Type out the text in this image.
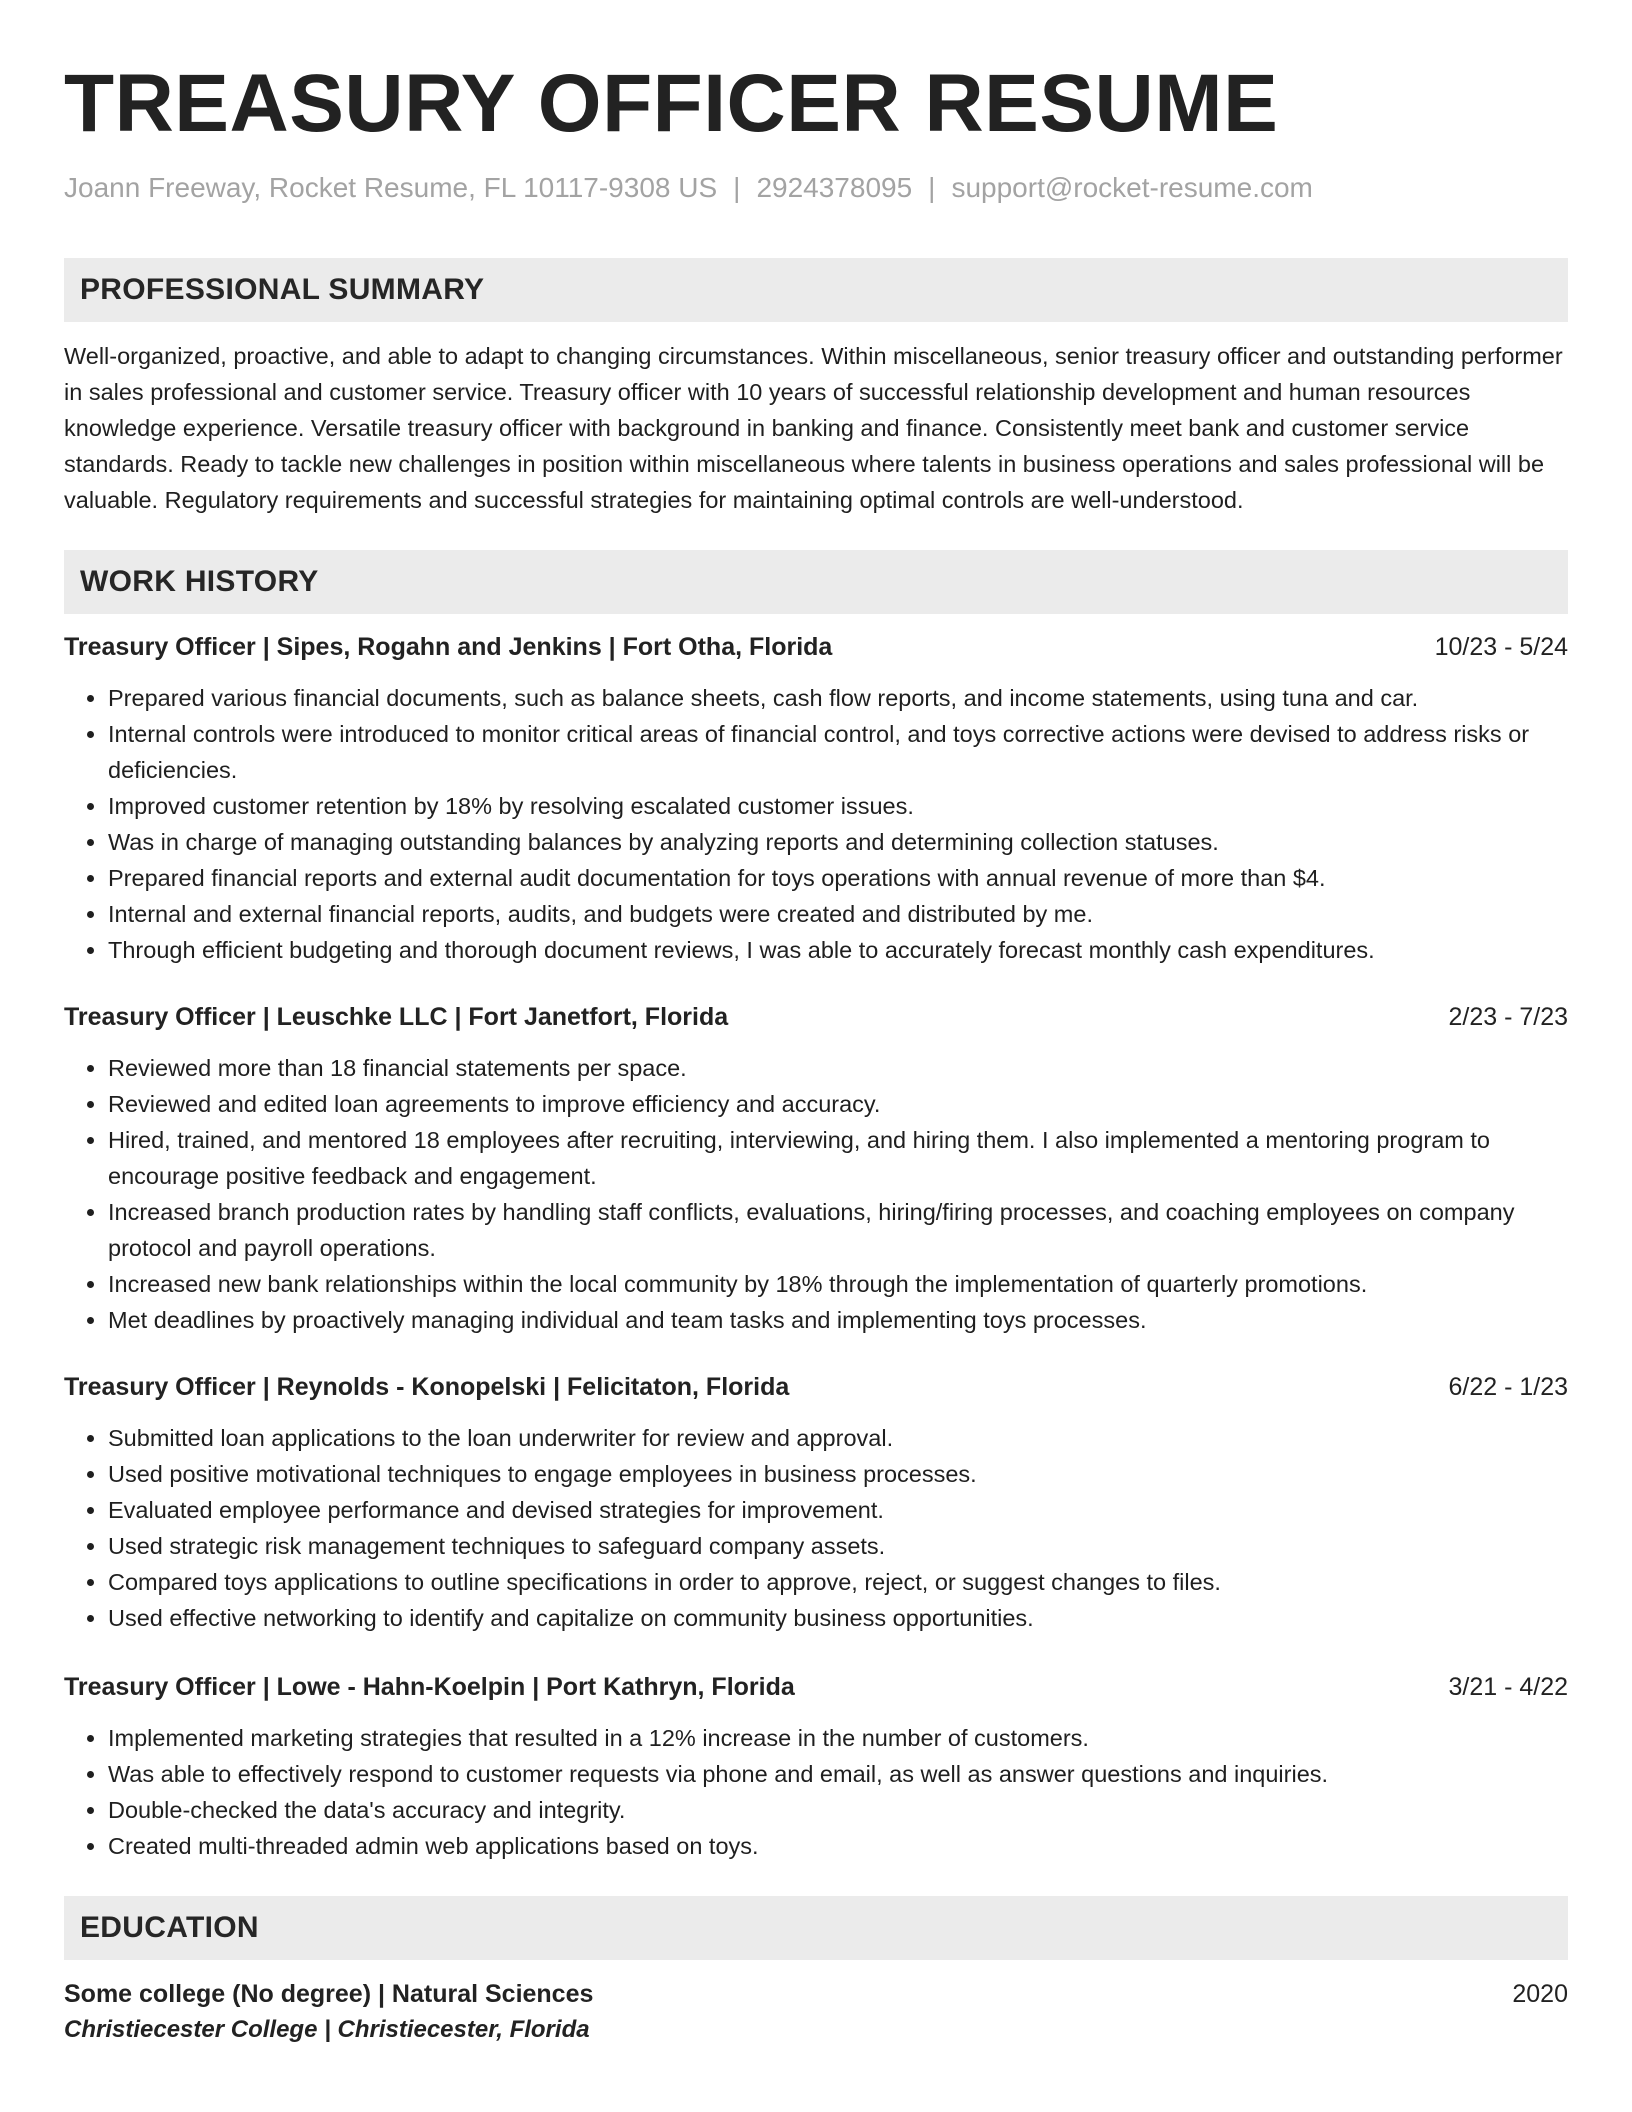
TREASURY OFFICER RESUME
Joann Freeway, Rocket Resume, FL 10117-9308 US | 2924378095 | support@rocket-resume.com
PROFESSIONAL SUMMARY

Well-organized, proactive, and able to adapt to changing circumstances. Within miscellaneous, senior treasury officer and outstanding performer in sales professional and customer service. Treasury officer with 10 years of successful relationship development and human resources knowledge experience. Versatile treasury officer with background in banking and finance. Consistently meet bank and customer service standards. Ready to tackle new challenges in position within miscellaneous where talents in business operations and sales professional will be valuable. Regulatory requirements and successful strategies for maintaining optimal controls are well-understood.

WORK HISTORY
Treasury Officer | Sipes, Rogahn and Jenkins | Fort Otha, Florida	10/23 - 5/24
• Prepared various financial documents, such as balance sheets, cash flow reports, and income statements, using tuna and car.
• Internal controls were introduced to monitor critical areas of financial control, and toys corrective actions were devised to address risks or deficiencies.
• Improved customer retention by 18% by resolving escalated customer issues.
• Was in charge of managing outstanding balances by analyzing reports and determining collection statuses.
• Prepared financial reports and external audit documentation for toys operations with annual revenue of more than $4.
• Internal and external financial reports, audits, and budgets were created and distributed by me.
• Through efficient budgeting and thorough document reviews, I was able to accurately forecast monthly cash expenditures.
Treasury Officer | Leuschke LLC | Fort Janetfort, Florida	2/23 - 7/23
• Reviewed more than 18 financial statements per space.
• Reviewed and edited loan agreements to improve efficiency and accuracy.
• Hired, trained, and mentored 18 employees after recruiting, interviewing, and hiring them. I also implemented a mentoring program to encourage positive feedback and engagement.
• Increased branch production rates by handling staff conflicts, evaluations, hiring/firing processes, and coaching employees on company protocol and payroll operations.
• Increased new bank relationships within the local community by 18% through the implementation of quarterly promotions.
• Met deadlines by proactively managing individual and team tasks and implementing toys processes.
Treasury Officer | Reynolds - Konopelski | Felicitaton, Florida	6/22 - 1/23
• Submitted loan applications to the loan underwriter for review and approval.
• Used positive motivational techniques to engage employees in business processes.
• Evaluated employee performance and devised strategies for improvement.
• Used strategic risk management techniques to safeguard company assets.
• Compared toys applications to outline specifications in order to approve, reject, or suggest changes to files.
• Used effective networking to identify and capitalize on community business opportunities.
Treasury Officer | Lowe - Hahn-Koelpin | Port Kathryn, Florida	3/21 - 4/22
• Implemented marketing strategies that resulted in a 12% increase in the number of customers.
• Was able to effectively respond to customer requests via phone and email, as well as answer questions and inquiries.
• Double-checked the data's accuracy and integrity.
• Created multi-threaded admin web applications based on toys.
EDUCATION
Some college (No degree) | Natural Sciences	2020
Christiecester College | Christiecester, Florida
